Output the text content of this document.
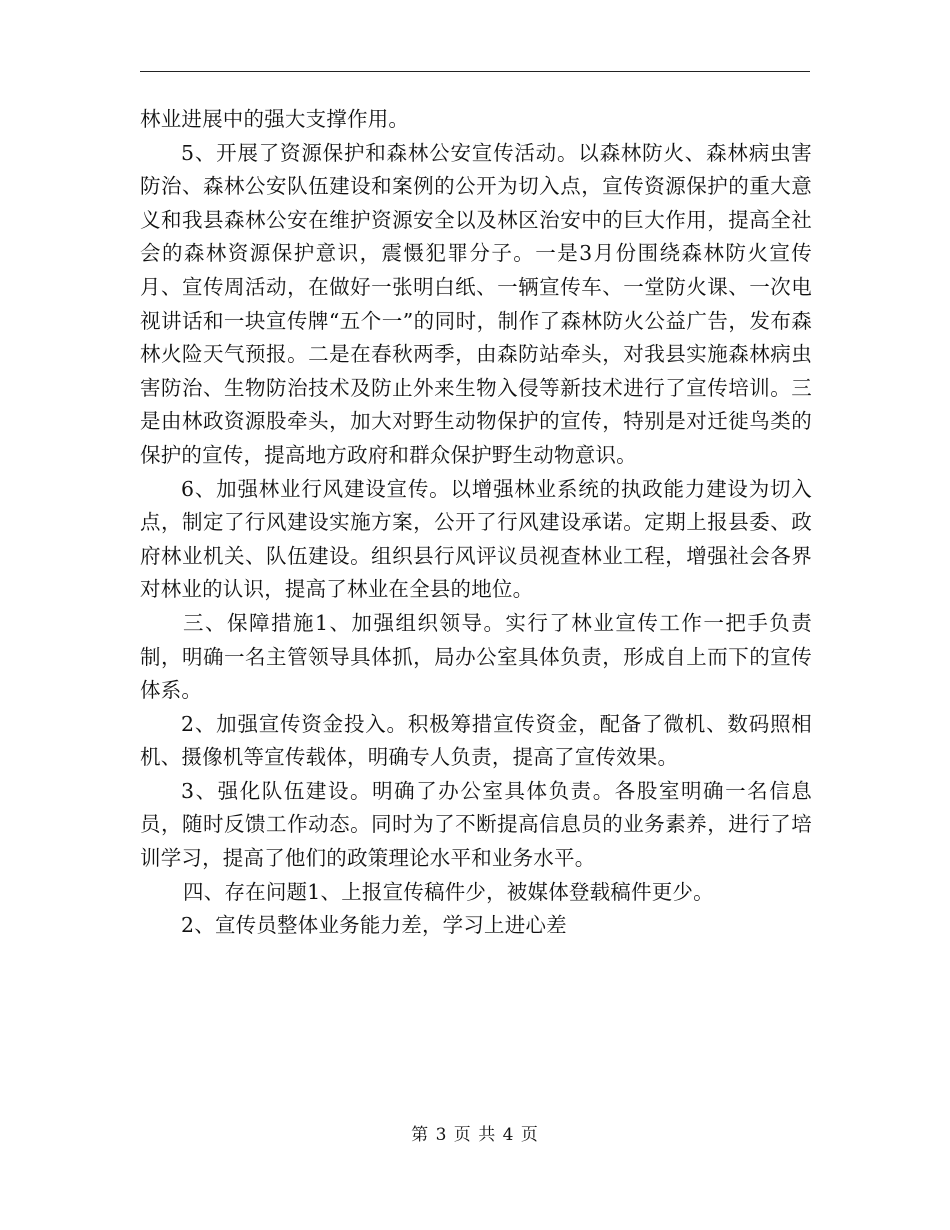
林业进展中的强大支撑作用。

5、开展了资源保护和森林公安宣传活动。以森林防火、森林病虫害防治、森林公安队伍建设和案例的公开为切入点，宣传资源保护的重大意义和我县森林公安在维护资源安全以及林区治安中的巨大作用，提高全社会的森林资源保护意识，震慑犯罪分子。一是3月份围绕森林防火宣传月、宣传周活动，在做好一张明白纸、一辆宣传车、一堂防火课、一次电视讲话和一块宣传牌“五个一”的同时，制作了森林防火公益广告，发布森林火险天气预报。二是在春秋两季，由森防站牵头，对我县实施森林病虫害防治、生物防治技术及防止外来生物入侵等新技术进行了宣传培训。三是由林政资源股牵头，加大对野生动物保护的宣传，特别是对迁徙鸟类的保护的宣传，提高地方政府和群众保护野生动物意识。

6、加强林业行风建设宣传。以增强林业系统的执政能力建设为切入点，制定了行风建设实施方案，公开了行风建设承诺。定期上报县委、政府林业机关、队伍建设。组织县行风评议员视查林业工程，增强社会各界对林业的认识，提高了林业在全县的地位。

三、保障措施1、加强组织领导。实行了林业宣传工作一把手负责制，明确一名主管领导具体抓，局办公室具体负责，形成自上而下的宣传体系。

2、加强宣传资金投入。积极筹措宣传资金，配备了微机、数码照相机、摄像机等宣传载体，明确专人负责，提高了宣传效果。

3、强化队伍建设。明确了办公室具体负责。各股室明确一名信息员，随时反馈工作动态。同时为了不断提高信息员的业务素养，进行了培训学习，提高了他们的政策理论水平和业务水平。

四、存在问题1、上报宣传稿件少，被媒体登载稿件更少。

2、宣传员整体业务能力差，学习上进心差

第 3 页 共 4 页
